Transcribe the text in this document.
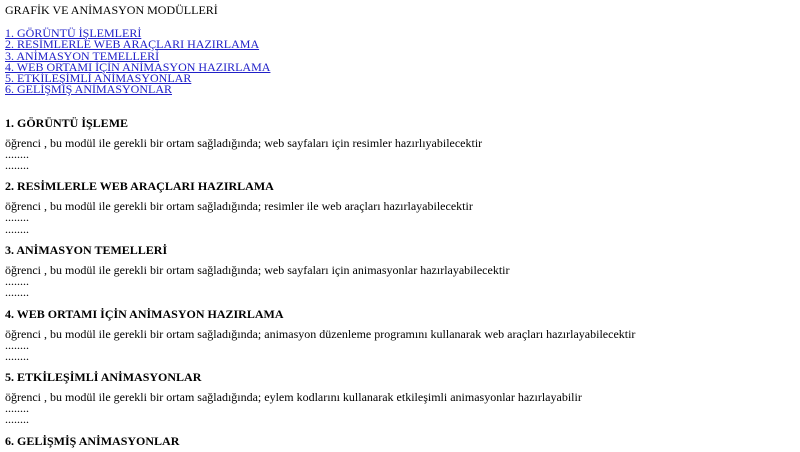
GRAFİK VE ANİMASYON MODÜLLERİ
1. GÖRÜNTÜ İŞLEMLERİ
2. RESİMLERLE WEB ARAÇLARI HAZIRLAMA
3. ANİMASYON TEMELLERİ
4. WEB ORTAMI İÇİN ANİMASYON HAZIRLAMA
5. ETKİLEŞİMLİ ANİMASYONLAR
6. GELİŞMİŞ ANİMASYONLAR
1. GÖRÜNTÜ İŞLEME

öğrenci , bu modül ile gerekli bir ortam sağladığında; web sayfaları için resimler hazırlıyabilecektir

........
........
2. RESİMLERLE WEB ARAÇLARI HAZIRLAMA

öğrenci , bu modül ile gerekli bir ortam sağladığında; resimler ile web araçları hazırlayabilecektir

........
........
3. ANİMASYON TEMELLERİ

öğrenci , bu modül ile gerekli bir ortam sağladığında; web sayfaları için animasyonlar hazırlayabilecektir

........
........
4. WEB ORTAMI İÇİN ANİMASYON HAZIRLAMA

öğrenci , bu modül ile gerekli bir ortam sağladığında; animasyon düzenleme programını kullanarak web araçları hazırlayabilecektir

........
........
5. ETKİLEŞİMLİ ANİMASYONLAR

öğrenci , bu modül ile gerekli bir ortam sağladığında; eylem kodlarını kullanarak etkileşimli animasyonlar hazırlayabilir

........
........
6. GELİŞMİŞ ANİMASYONLAR
